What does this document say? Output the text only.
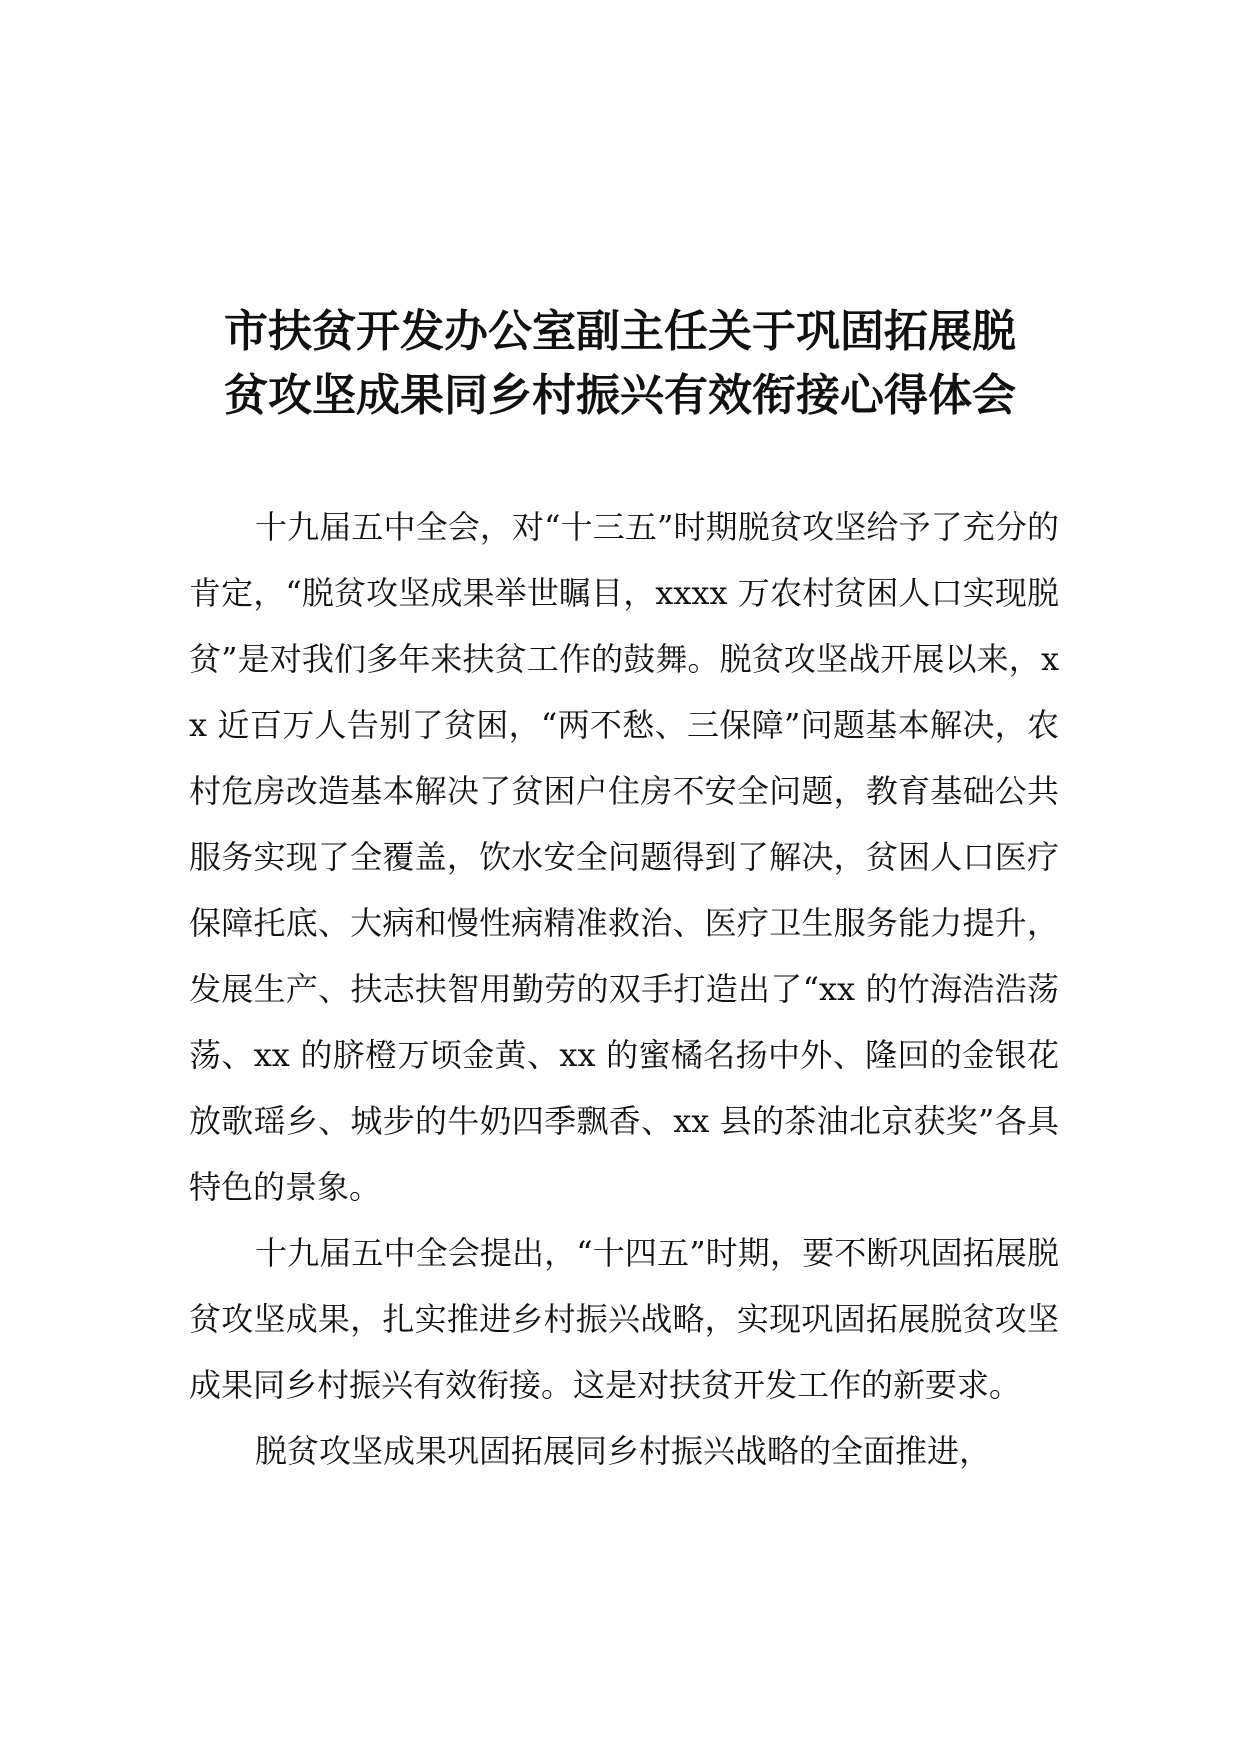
市扶贫开发办公室副主任关于巩固拓展脱
贫攻坚成果同乡村振兴有效衔接心得体会

十九届五中全会，对“十三五”时期脱贫攻坚给予了充分的肯定，“脱贫攻坚成果举世瞩目，xxxx 万农村贫困人口实现脱贫”是对我们多年来扶贫工作的鼓舞。脱贫攻坚战开展以来，xx 近百万人告别了贫困，“两不愁、三保障”问题基本解决，农村危房改造基本解决了贫困户住房不安全问题，教育基础公共服务实现了全覆盖，饮水安全问题得到了解决，贫困人口医疗保障托底、大病和慢性病精准救治、医疗卫生服务能力提升，发展生产、扶志扶智用勤劳的双手打造出了“xx 的竹海浩浩荡荡、xx 的脐橙万顷金黄、xx 的蜜橘名扬中外、隆回的金银花放歌瑶乡、城步的牛奶四季飘香、xx 县的茶油北京获奖”各具特色的景象。

十九届五中全会提出，“十四五”时期，要不断巩固拓展脱贫攻坚成果，扎实推进乡村振兴战略，实现巩固拓展脱贫攻坚成果同乡村振兴有效衔接。这是对扶贫开发工作的新要求。

脱贫攻坚成果巩固拓展同乡村振兴战略的全面推进，
